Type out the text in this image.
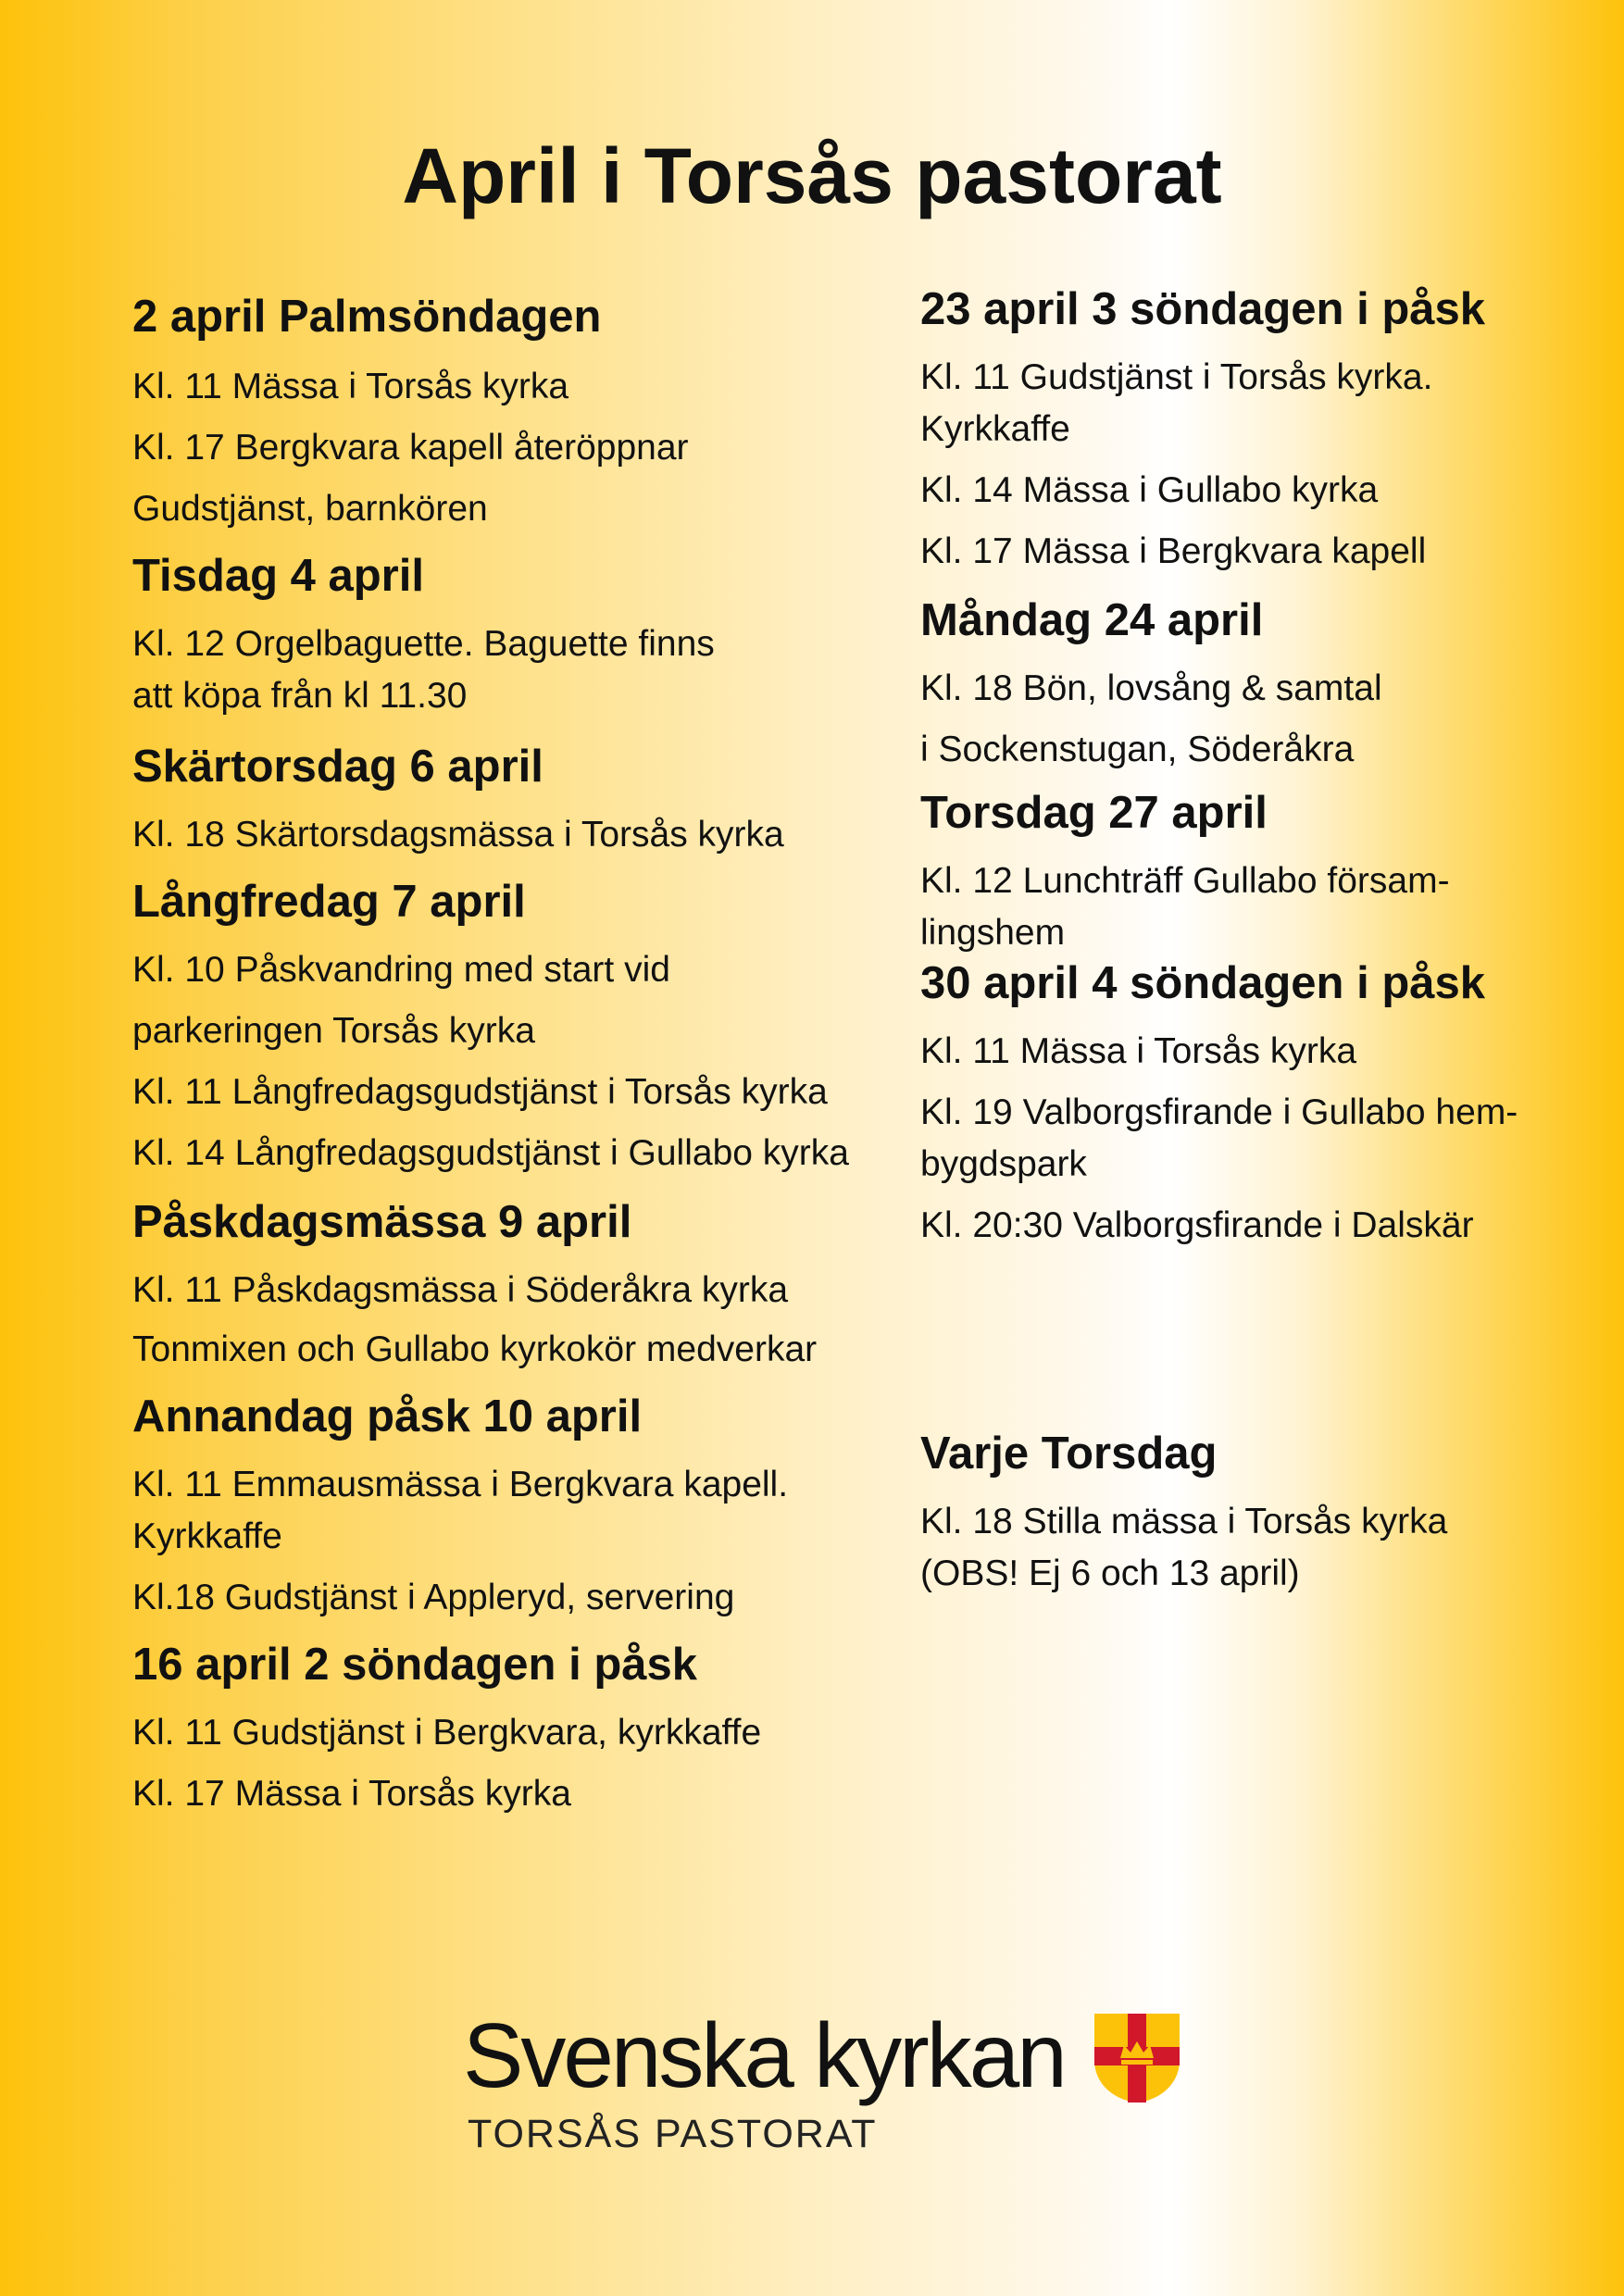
April i Torsås pastorat
2 april Palmsöndagen
Kl. 11 Mässa i Torsås kyrka
Kl. 17 Bergkvara kapell återöppnar
Gudstjänst, barnkören
Tisdag 4 april
Kl. 12 Orgelbaguette. Baguette finns
att köpa från kl 11.30
Skärtorsdag 6 april
Kl. 18 Skärtorsdagsmässa i Torsås kyrka
Långfredag 7 april
Kl. 10 Påskvandring med start vid
parkeringen Torsås kyrka
Kl. 11 Långfredagsgudstjänst i Torsås kyrka
Kl. 14 Långfredagsgudstjänst i Gullabo kyrka
Påskdagsmässa 9 april
Kl. 11 Påskdagsmässa i Söderåkra kyrka
Tonmixen och Gullabo kyrkokör medverkar
Annandag påsk 10 april
Kl. 11 Emmausmässa i Bergkvara kapell.
Kyrkkaffe
Kl.18 Gudstjänst i Appleryd, servering
16 april 2 söndagen i påsk
Kl. 11 Gudstjänst i Bergkvara, kyrkkaffe
Kl. 17 Mässa i Torsås kyrka
23 april 3 söndagen i påsk
Kl. 11 Gudstjänst i Torsås kyrka.
Kyrkkaffe
Kl. 14 Mässa i Gullabo kyrka
Kl. 17 Mässa i Bergkvara kapell
Måndag 24 april
Kl. 18 Bön, lovsång & samtal
i Sockenstugan, Söderåkra
Torsdag 27 april
Kl. 12 Lunchträff Gullabo försam-
lingshem
30 april 4 söndagen i påsk
Kl. 11 Mässa i Torsås kyrka
Kl. 19 Valborgsfirande i Gullabo hem-
bygdspark
Kl. 20:30 Valborgsfirande i Dalskär
Varje Torsdag
Kl. 18 Stilla mässa i Torsås kyrka
(OBS! Ej 6 och 13 april)
Svenska kyrkan
TORSÅS PASTORAT
